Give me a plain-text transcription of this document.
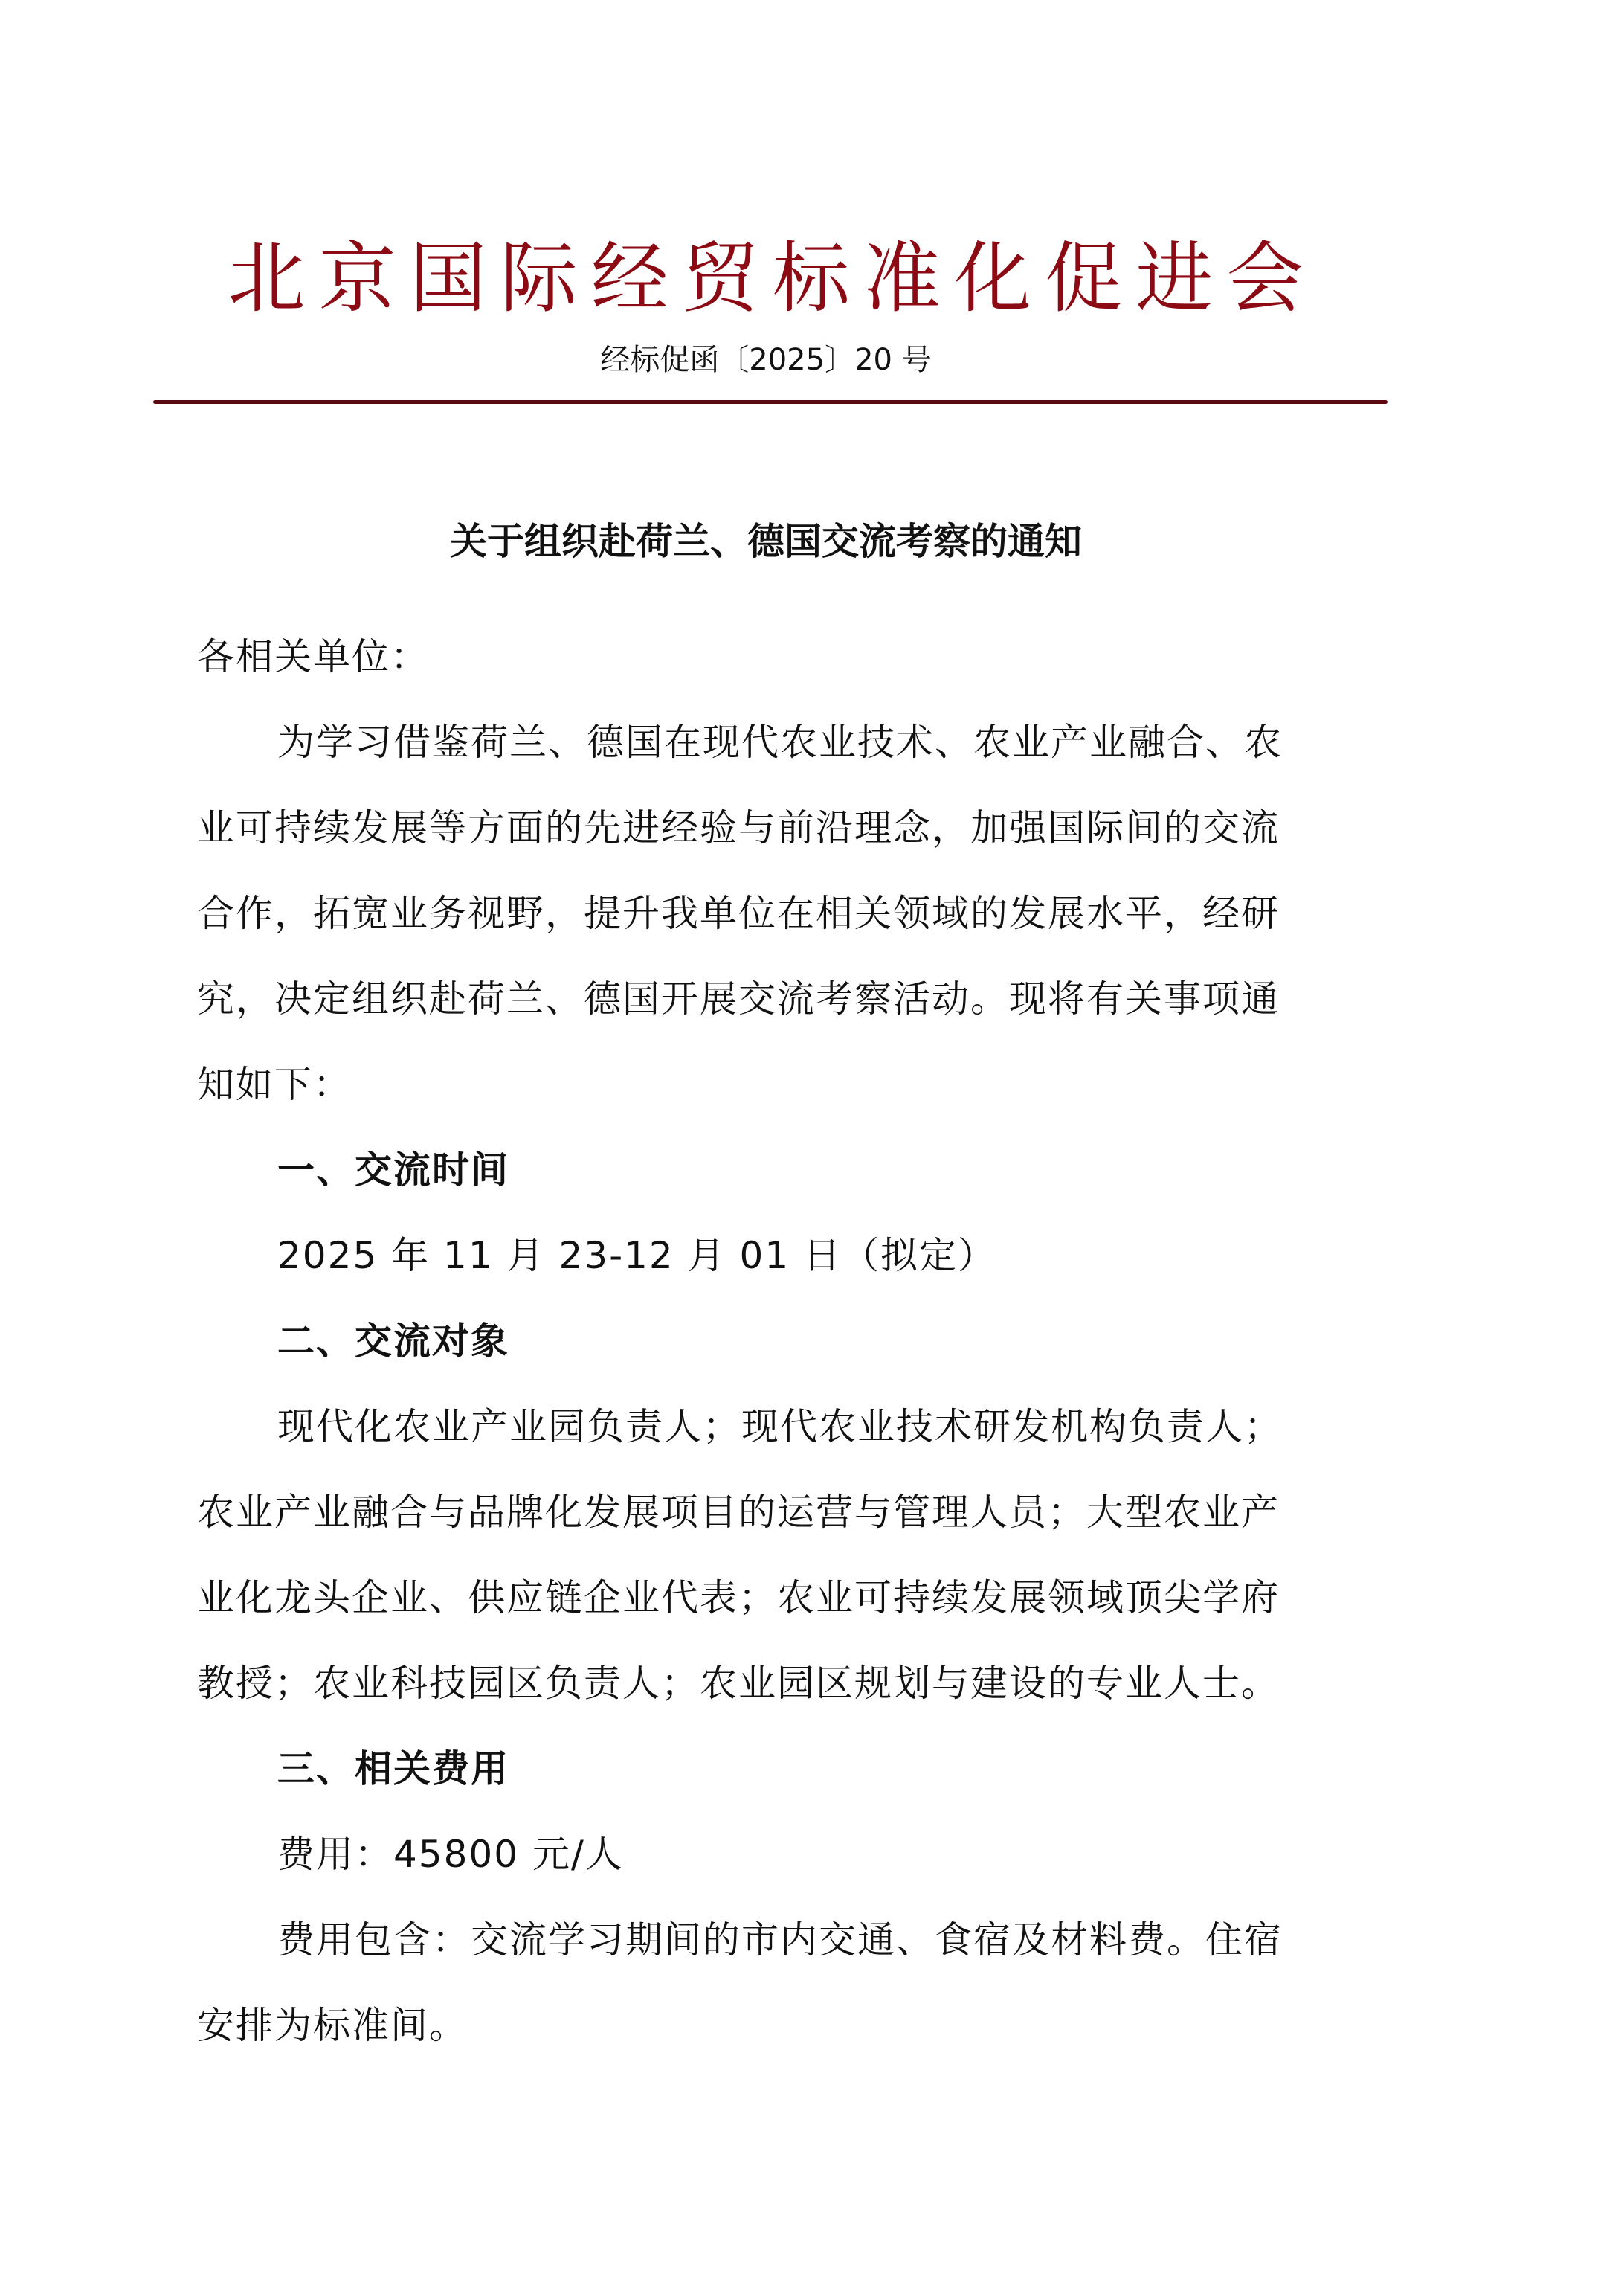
北 京 国 际 经 贸 标 准 化 促 进 会
经标促函〔2025〕20 号
关于组织赴荷兰、德国交流考察的通知
各相关单位：
为学习借鉴荷兰、德国在现代农业技术、农业产业融合、农
业可持续发展等方面的先进经验与前沿理念，加强国际间的交流
合作，拓宽业务视野，提升我单位在相关领域的发展水平，经研
究，决定组织赴荷兰、德国开展交流考察活动。现将有关事项通
知如下：
一、交流时间
2025 年 11 月 23-12 月 01 日（拟定）
二、交流对象
现代化农业产业园负责人；现代农业技术研发机构负责人；
农业产业融合与品牌化发展项目的运营与管理人员；大型农业产
业化龙头企业、供应链企业代表；农业可持续发展领域顶尖学府
教授；农业科技园区负责人；农业园区规划与建设的专业人士。
三、相关费用
费用：45800 元/人
费用包含：交流学习期间的市内交通、食宿及材料费。住宿
安排为标准间。
